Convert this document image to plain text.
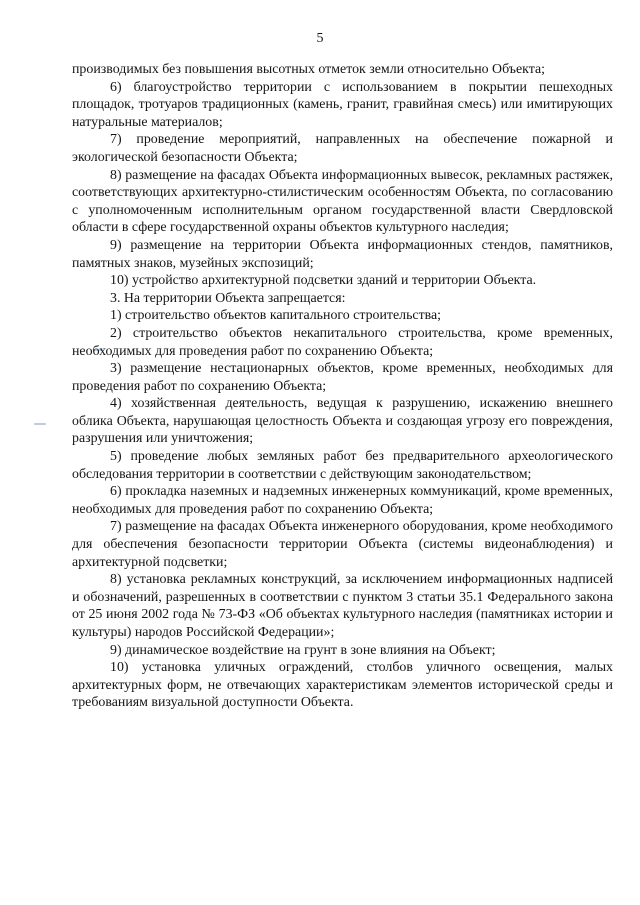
5

производимых без повышения высотных отметок земли относительно Объекта;

6) благоустройство территории с использованием в покрытии пешеходных площадок, тротуаров традиционных (камень, гранит, гравийная смесь) или имитирующих натуральные материалов;

7) проведение мероприятий, направленных на обеспечение пожарной и экологической безопасности Объекта;

8) размещение на фасадах Объекта информационных вывесок, рекламных растяжек, соответствующих архитектурно-стилистическим особенностям Объекта, по согласованию с уполномоченным исполнительным органом государственной власти Свердловской области в сфере государственной охраны объектов культурного наследия;

9) размещение на территории Объекта информационных стендов, памятников, памятных знаков, музейных экспозиций;

10) устройство архитектурной подсветки зданий и территории Объекта.

3. На территории Объекта запрещается:

1) строительство объектов капитального строительства;

2) строительство объектов некапитального строительства, кроме временных, необходимых для проведения работ по сохранению Объекта;

3) размещение нестационарных объектов, кроме временных, необходимых для проведения работ по сохранению Объекта;

4) хозяйственная деятельность, ведущая к разрушению, искажению внешнего облика Объекта, нарушающая целостность Объекта и создающая угрозу его повреждения, разрушения или уничтожения;

5) проведение любых земляных работ без предварительного археологического обследования территории в соответствии с действующим законодательством;

6) прокладка наземных и надземных инженерных коммуникаций, кроме временных, необходимых для проведения работ по сохранению Объекта;

7) размещение на фасадах Объекта инженерного оборудования, кроме необходимого для обеспечения безопасности территории Объекта (системы видеонаблюдения) и архитектурной подсветки;

8) установка рекламных конструкций, за исключением информационных надписей и обозначений, разрешенных в соответствии с пунктом 3 статьи 35.1 Федерального закона от 25 июня 2002 года № 73-ФЗ «Об объектах культурного наследия (памятниках истории и культуры) народов Российской Федерации»;

9) динамическое воздействие на грунт в зоне влияния на Объект;

10) установка уличных ограждений, столбов уличного освещения, малых архитектурных форм, не отвечающих характеристикам элементов исторической среды и требованиям визуальной доступности Объекта.
